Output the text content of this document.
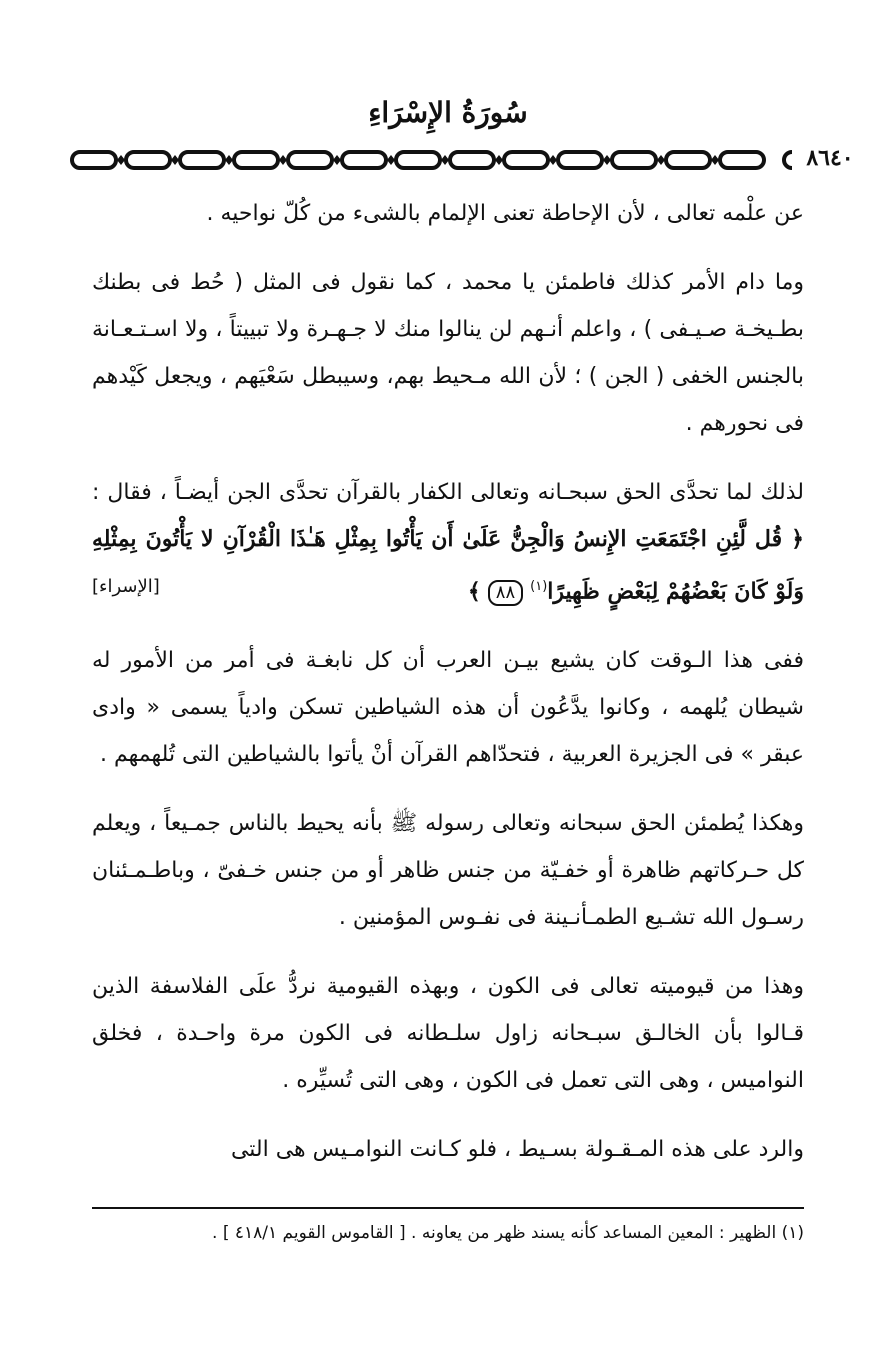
سُورَةُ الإِسْرَاءِ
٨٦٤٠

عن علْمه تعالى ، لأن الإحاطة تعنى الإلمام بالشىء من كُلّ نواحيه .

وما دام الأمر كذلك فاطمئن يا محمد ، كما نقول فى المثل ( حُط فى بطنك بطـيخـة صـيـفى ) ، واعلم أنـهم لن ينالوا منك لا جـهـرة ولا تبييتاً ، ولا اسـتـعـانة بالجنس الخفى ( الجن ) ؛ لأن الله مـحيط بهم، وسيبطل سَعْيَهم ، ويجعل كَيْدهم فى نحورهم .

لذلك لما تحدَّى الحق سبحـانه وتعالى الكفار بالقرآن تحدَّى الجن أيضـاً ، فقال : ﴿ قُل لَّئِنِ اجْتَمَعَتِ الإِنسُ وَالْجِنُّ عَلَىٰ أَن يَأْتُوا بِمِثْلِ هَـٰذَا الْقُرْآنِ لا يَأْتُونَ بِمِثْلِهِ وَلَوْ كَانَ بَعْضُهُمْ لِبَعْضٍ ظَهِيرًا$^{(١)}$ ٨٨ ﴾
[الإسراء]

ففى هذا الـوقت كان يشيع بيـن العرب أن كل نابغـة فى أمر من الأمور له شيطان يُلهمه ، وكانوا يدَّعُون أن هذه الشياطين تسكن وادياً يسمى « وادى عبقر » فى الجزيرة العربية ، فتحدّاهم القرآن أنْ يأتوا بالشياطين التى تُلهمهم .

وهكذا يُطمئن الحق سبحانه وتعالى رسوله ﷺ بأنه يحيط بالناس جمـيعاً ، ويعلم كل حـركاتهم ظاهرة أو خفـيّة من جنس ظاهر أو من جنس خـفىّ ، وباطـمـئنان رسـول الله تشـيع الطمـأنـينة فى نفـوس المؤمنين .

وهذا من قيوميته تعالى فى الكون ، وبهذه القيومية نردُّ علَى الفلاسفة الذين قـالوا بأن الخالـق سبـحانه زاول سلـطانه فى الكون مرة واحـدة ، فخلق النواميس ، وهى التى تعمل فى الكون ، وهى التى تُسيِّره .

والرد على هذه المـقـولة بسـيط ، فلو كـانت النوامـيس هى التى

(١) الظهير : المعين المساعد كأنه يسند ظهر من يعاونه . [ القاموس القويم ٤١٨/١ ] .
